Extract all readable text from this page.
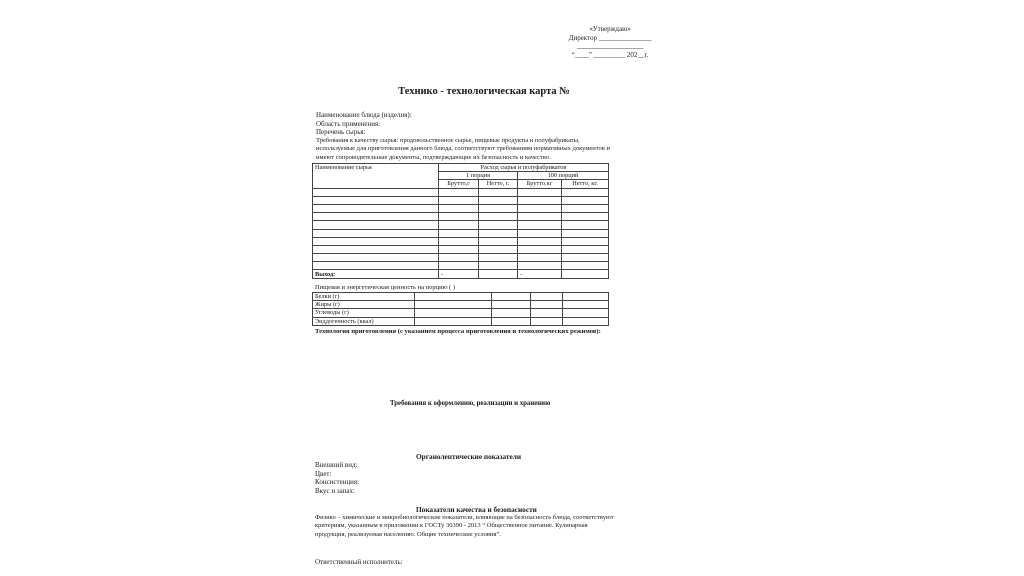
«Утверждаю»
Директор _______________
______________________
“____” _________ 202__г.
Технико - технологическая карта №
Наименование блюда (изделия):
Область применения:
Перечень сырья:
Требования к качеству сырья: продовольственное сырье, пищевые продукты и полуфабрикаты,
используемые для приготовления данного блюда, соответствуют требованиям нормативных документов и
имеют сопроводительные документы, подтверждающие их безопасность и качество.
Наименование сырья	Расход сырья и полуфабрикатов			
	1 порция		100 порций	
	Брутто,г	Нетто, г.	Брутто,кг	Нетто, кг.

Выход:	-		-	
Пищевая и энергетическая ценность на порцию ( )
Белки (г)				
Жиры (г)				
Углеводы (г)				
Энддогенность (ккал)				
Технология приготовления (с указанием процесса приготовления и технологических режимов):
Требования к оформлению, реализации и хранению
Органолептические показатели
Внешний вид:
Цвет:
Консистенция:
Вкус и запах:
Показатели качества и безопасности
Физико – химические и микробиологические показатели, влияющие на безопасность блюда, соответствуют
критериям, указанным в приложении к ГОСТу 30390 - 2013 “ Общественное питание. Кулинарная
продукция, реализуемая населению. Общие технические условия”.
Ответственный исполнитель:
